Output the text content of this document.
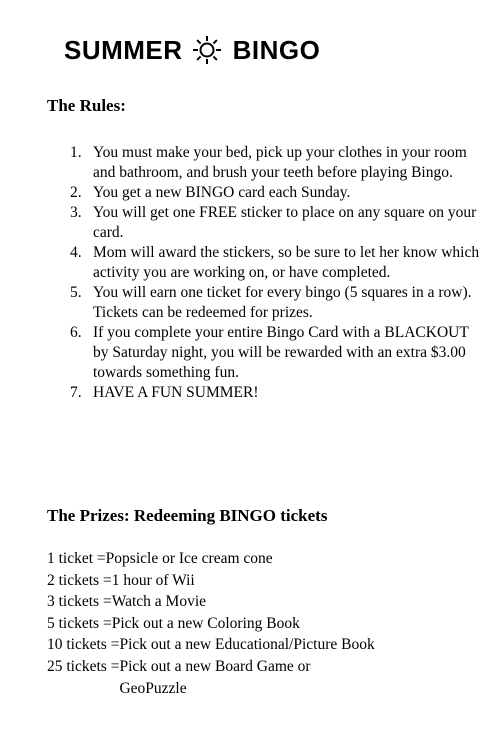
SUMMER BINGO
The Rules:
1. You must make your bed, pick up your clothes in your room and bathroom, and brush your teeth before playing Bingo.
2. You get a new BINGO card each Sunday.
3. You will get one FREE sticker to place on any square on your card.
4. Mom will award the stickers, so be sure to let her know which activity you are working on, or have completed.
5. You will earn one ticket for every bingo (5 squares in a row). Tickets can be redeemed for prizes.
6. If you complete your entire Bingo Card with a BLACKOUT by Saturday night, you will be rewarded with an extra $3.00 towards something fun.
7. HAVE A FUN SUMMER!
The Prizes: Redeeming BINGO tickets
1 ticket = Popsicle or Ice cream cone
2 tickets = 1 hour of Wii
3 tickets = Watch a Movie
5 tickets = Pick out a new Coloring Book
10 tickets = Pick out a new Educational/Picture Book
25 tickets = Pick out a new Board Game or GeoPuzzle
